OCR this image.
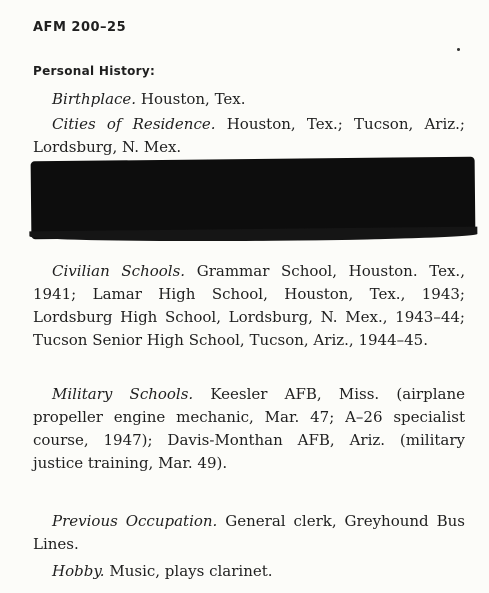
AFM 200–25
Personal History:

Birthplace. Houston, Tex.

Cities of Residence. Houston, Tex.; Tucson, Ariz.; Lordsburg, N. Mex.

Civilian Schools. Grammar School, Houston. Tex., 1941; Lamar High School, Houston, Tex., 1943; Lordsburg High School, Lordsburg, N. Mex., 1943–44; Tucson Senior High School, Tucson, Ariz., 1944–45.

Military Schools. Keesler AFB, Miss. (airplane propeller engine mechanic, Mar. 47; A–26 specialist course, 1947); Davis-Monthan AFB, Ariz. (military justice training, Mar. 49).

Previous Occupation. General clerk, Greyhound Bus Lines.

Hobby. Music, plays clarinet.
